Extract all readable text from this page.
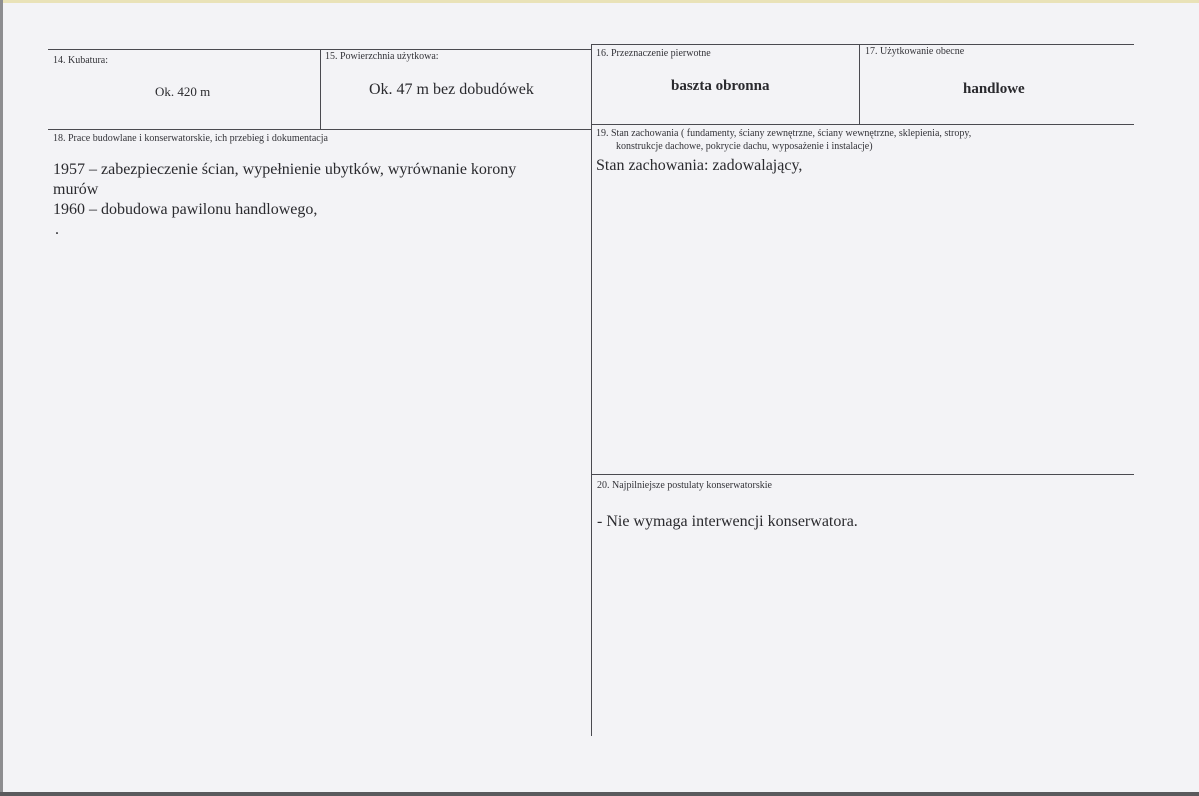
14. Kubatura:
Ok. 420 m
15. Powierzchnia użytkowa:
Ok. 47 m bez dobudówek
16. Przeznaczenie pierwotne
baszta obronna
17. Użytkowanie obecne
handlowe
18. Prace budowlane i konserwatorskie, ich przebieg i dokumentacja
1957 – zabezpieczenie ścian, wypełnienie ubytków, wyrównanie korony
murów
1960 – dobudowa pawilonu handlowego,
.
19. Stan zachowania ( fundamenty, ściany zewnętrzne, ściany wewnętrzne, sklepienia, stropy,
konstrukcje dachowe, pokrycie dachu, wyposażenie i instalacje)
Stan zachowania: zadowalający,
20. Najpilniejsze postulaty konserwatorskie
- Nie wymaga interwencji konserwatora.
